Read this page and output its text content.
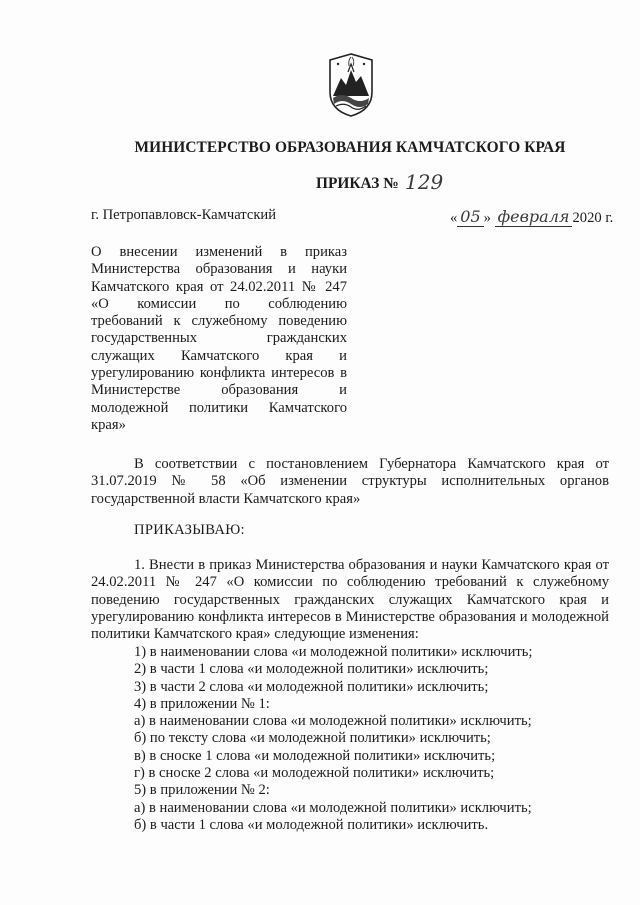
МИНИСТЕРСТВО ОБРАЗОВАНИЯ КАМЧАТСКОГО КРАЯ
ПРИКАЗ № 129
г. Петропавловск-Камчатский	« 05 » февраля 2020 г.
О внесении изменений в приказ Министерства образования и науки Камчатского края от 24.02.2011 № 247 «О комиссии по соблюдению требований к служебному поведению государственных гражданских служащих Камчатского края и урегулированию конфликта интересов в Министерстве образования и молодежной политики Камчатского края»
В соответствии с постановлением Губернатора Камчатского края от 31.07.2019 № 58 «Об изменении структуры исполнительных органов государственной власти Камчатского края»
ПРИКАЗЫВАЮ:
1. Внести в приказ Министерства образования и науки Камчатского края от 24.02.2011 № 247 «О комиссии по соблюдению требований к служебному поведению государственных гражданских служащих Камчатского края и урегулированию конфликта интересов в Министерстве образования и молодежной политики Камчатского края» следующие изменения:
1) в наименовании слова «и молодежной политики» исключить;
2) в части 1 слова «и молодежной политики» исключить;
3) в части 2 слова «и молодежной политики» исключить;
4) в приложении № 1:
а) в наименовании слова «и молодежной политики» исключить;
б) по тексту слова «и молодежной политики» исключить;
в) в сноске 1 слова «и молодежной политики» исключить;
г) в сноске 2 слова «и молодежной политики» исключить;
5) в приложении № 2:
а) в наименовании слова «и молодежной политики» исключить;
б) в части 1 слова «и молодежной политики» исключить.
